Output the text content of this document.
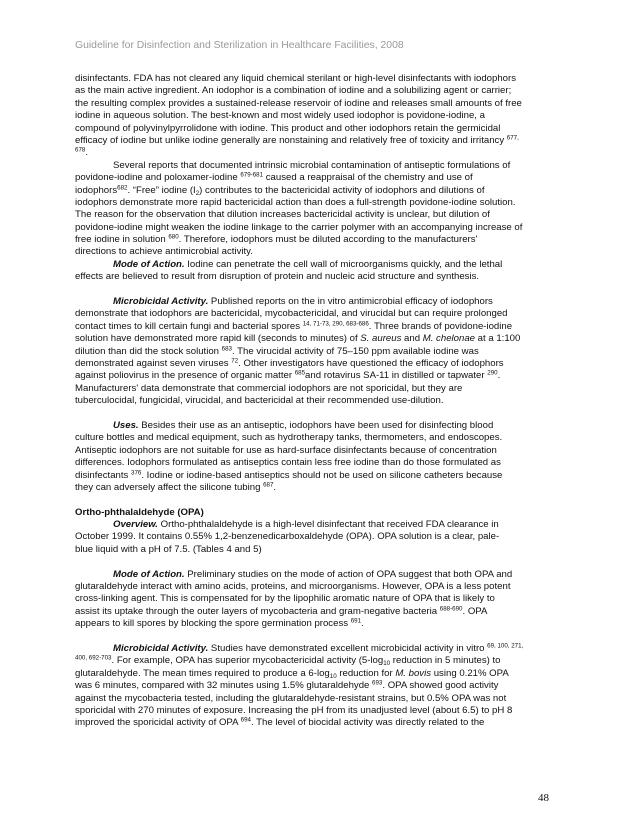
Guideline for Disinfection and Sterilization in Healthcare Facilities, 2008
disinfectants. FDA has not cleared any liquid chemical sterilant or high-level disinfectants with iodophors
as the main active ingredient. An iodophor is a combination of iodine and a solubilizing agent or carrier;
the resulting complex provides a sustained-release reservoir of iodine and releases small amounts of free
iodine in aqueous solution. The best-known and most widely used iodophor is povidone-iodine, a
compound of polyvinylpyrrolidone with iodine. This product and other iodophors retain the germicidal
efficacy of iodine but unlike iodine generally are nonstaining and relatively free of toxicity and irritancy $^{677,}$
$^{678}$.
Several reports that documented intrinsic microbial contamination of antiseptic formulations of
povidone-iodine and poloxamer-iodine $^{679-681}$ caused a reappraisal of the chemistry and use of
iodophors$^{682}$. “Free” iodine $(I_2)$ contributes to the bactericidal activity of iodophors and dilutions of
iodophors demonstrate more rapid bactericidal action than does a full-strength povidone-iodine solution.
The reason for the observation that dilution increases bactericidal activity is unclear, but dilution of
povidone-iodine might weaken the iodine linkage to the carrier polymer with an accompanying increase of
free iodine in solution $^{680}$. Therefore, iodophors must be diluted according to the manufacturers'
directions to achieve antimicrobial activity.
Mode of Action. Iodine can penetrate the cell wall of microorganisms quickly, and the lethal
effects are believed to result from disruption of protein and nucleic acid structure and synthesis.
Microbicidal Activity. Published reports on the in vitro antimicrobial efficacy of iodophors
demonstrate that iodophors are bactericidal, mycobactericidal, and virucidal but can require prolonged
contact times to kill certain fungi and bacterial spores $^{14, 71-73, 290, 683-686}$. Three brands of povidone-iodine
solution have demonstrated more rapid kill (seconds to minutes) of S. aureus and M. chelonae at a 1:100
dilution than did the stock solution $^{683}$. The virucidal activity of 75–150 ppm available iodine was
demonstrated against seven viruses $^{72}$. Other investigators have questioned the efficacy of iodophors
against poliovirus in the presence of organic matter $^{685}$and rotavirus SA-11 in distilled or tapwater $^{290}$.
Manufacturers' data demonstrate that commercial iodophors are not sporicidal, but they are
tuberculocidal, fungicidal, virucidal, and bactericidal at their recommended use-dilution.
Uses. Besides their use as an antiseptic, iodophors have been used for disinfecting blood
culture bottles and medical equipment, such as hydrotherapy tanks, thermometers, and endoscopes.
Antiseptic iodophors are not suitable for use as hard-surface disinfectants because of concentration
differences. Iodophors formulated as antiseptics contain less free iodine than do those formulated as
disinfectants $^{376}$. Iodine or iodine-based antiseptics should not be used on silicone catheters because
they can adversely affect the silicone tubing $^{687}$.
Ortho-phthalaldehyde (OPA)
Overview. Ortho-phthalaldehyde is a high-level disinfectant that received FDA clearance in
October 1999. It contains 0.55% 1,2-benzenedicarboxaldehyde (OPA). OPA solution is a clear, pale-
blue liquid with a pH of 7.5. (Tables 4 and 5)
Mode of Action. Preliminary studies on the mode of action of OPA suggest that both OPA and
glutaraldehyde interact with amino acids, proteins, and microorganisms. However, OPA is a less potent
cross-linking agent. This is compensated for by the lipophilic aromatic nature of OPA that is likely to
assist its uptake through the outer layers of mycobacteria and gram-negative bacteria $^{688-690}$. OPA
appears to kill spores by blocking the spore germination process $^{691}$.
Microbicidal Activity. Studies have demonstrated excellent microbicidal activity in vitro $^{69, 100, 271,}$
$^{400, 692-703}$. For example, OPA has superior mycobactericidal activity ($5-\log_{10}$ reduction in 5 minutes) to
glutaraldehyde. The mean times required to produce a $6-\log_{10}$ reduction for M. bovis using 0.21% OPA
was 6 minutes, compared with 32 minutes using 1.5% glutaraldehyde $^{693}$. OPA showed good activity
against the mycobacteria tested, including the glutaraldehyde-resistant strains, but 0.5% OPA was not
sporicidal with 270 minutes of exposure. Increasing the pH from its unadjusted level (about 6.5) to pH 8
improved the sporicidal activity of OPA $^{694}$. The level of biocidal activity was directly related to the
48
